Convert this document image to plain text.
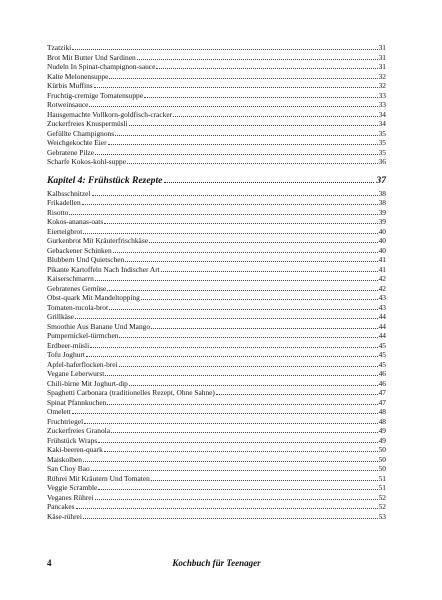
Tzatziki	31
Brot Mit Butter Und Sardinen	31
Nudeln In Spinat-champignon-sauce	31
Kalte Melonensuppe	32
Kürbis Muffins	32
Fruchtig-cremige Tomatensuppe	33
Rotweinsauce	33
Hausgemachte Vollkorn-goldfisch-cracker	34
Zuckerfreies Knuspermüsli	34
Gefüllte Champignons	35
Weichgekochte Eier	35
Gebratene Pilze	35
Scharfe Kokos-kohl-suppe	36
Kapitel 4: Frühstück Rezepte	37
Kalbsschnitzel	38
Frikadellen	38
Risotto	39
Kokos-ananas-oats	39
Eierteigbrot	40
Gurkenbrot Mit Kräuterfrischkäse	40
Gebackener Schinken	40
Blubbern Und Quietschen	41
Pikante Kartoffeln Nach Indischer Art	41
Kaiserschmarrn	42
Gebratenes Gemüse	42
Obst-quark Mit Mandeltopping	43
Tomaten-rucola-brot	43
Grillkäse	44
Smoothie Aus Banane Und Mango	44
Pumpernickel-türmchen	44
Erdbeer-müsli	45
Tofu Joghurt	45
Apfel-haferflocken-brei	45
Vegane Leberwurst	46
Chili-birne Mit Joghurt-dip	46
Spaghetti Carbonara (traditionelles Rezept, Ohne Sahne)	47
Spinat Pfannkuchen	47
Omelett	48
Fruchtriegel	48
Zuckerfreies Granola	49
Frühstück Wraps	49
Kaki-beeren-quark	50
Maiskolben	50
San Choy Bao	50
Rührei Mit Kräutern Und Tomaten	51
Veggie Scramble	51
Veganes Rührei	52
Pancakes	52
Käse-rührei	53
4	Kochbuch für Teenager
